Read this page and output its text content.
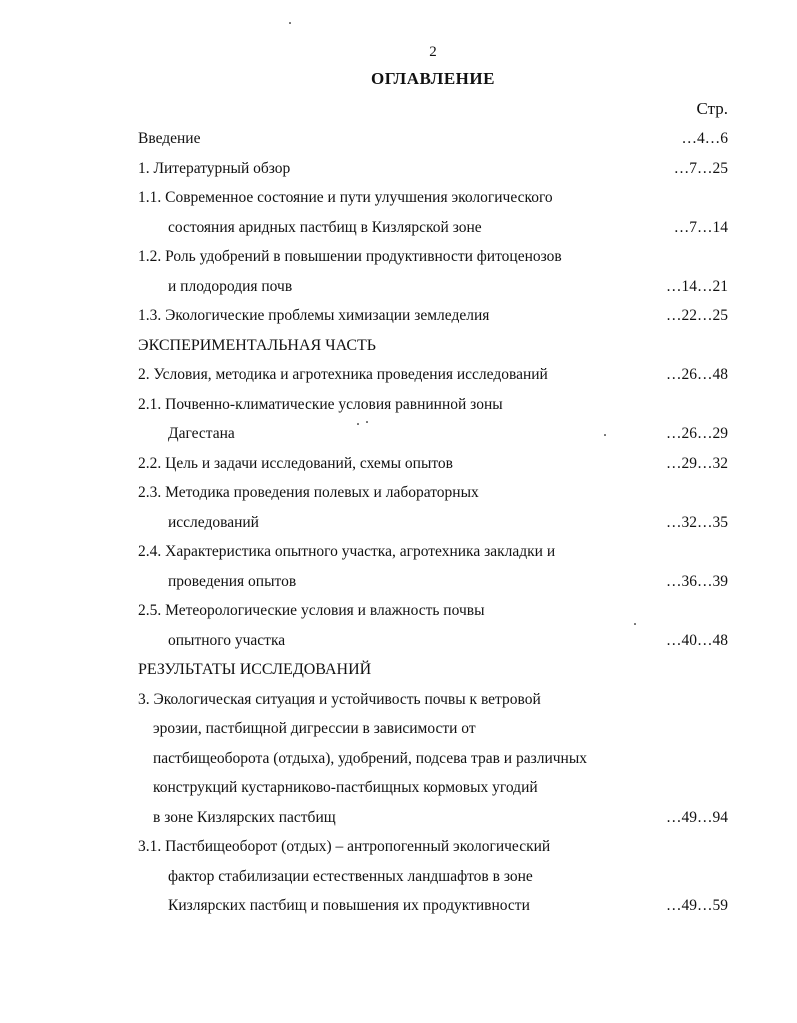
2
ОГЛАВЛЕНИЕ
Стр.
Введение	…4…6
1. Литературный обзор	…7…25
1.1. Современное состояние и пути улучшения экологического
состояния аридных пастбищ в Кизлярской зоне	…7…14
1.2. Роль удобрений в повышении продуктивности фитоценозов
и плодородия почв	…14…21
1.3. Экологические проблемы химизации земледелия	…22…25
ЭКСПЕРИМЕНТАЛЬНАЯ ЧАСТЬ
2. Условия, методика и агротехника проведения исследований	…26…48
2.1. Почвенно-климатические условия равнинной зоны
Дагестана	…26…29
2.2. Цель и задачи исследований, схемы опытов	…29…32
2.3. Методика проведения полевых и лабораторных
исследований	…32…35
2.4. Характеристика опытного участка, агротехника закладки и
проведения опытов	…36…39
2.5. Метеорологические условия и влажность почвы
опытного участка	…40…48
РЕЗУЛЬТАТЫ ИССЛЕДОВАНИЙ
3. Экологическая ситуация и устойчивость почвы к ветровой
эрозии, пастбищной дигрессии в зависимости от
пастбищеоборота (отдыха), удобрений, подсева трав и различных
конструкций кустарниково-пастбищных кормовых угодий
в зоне Кизлярских пастбищ	…49…94
3.1. Пастбищеоборот (отдых) – антропогенный экологический
фактор стабилизации естественных ландшафтов в зоне
Кизлярских пастбищ и повышения их продуктивности	…49…59
